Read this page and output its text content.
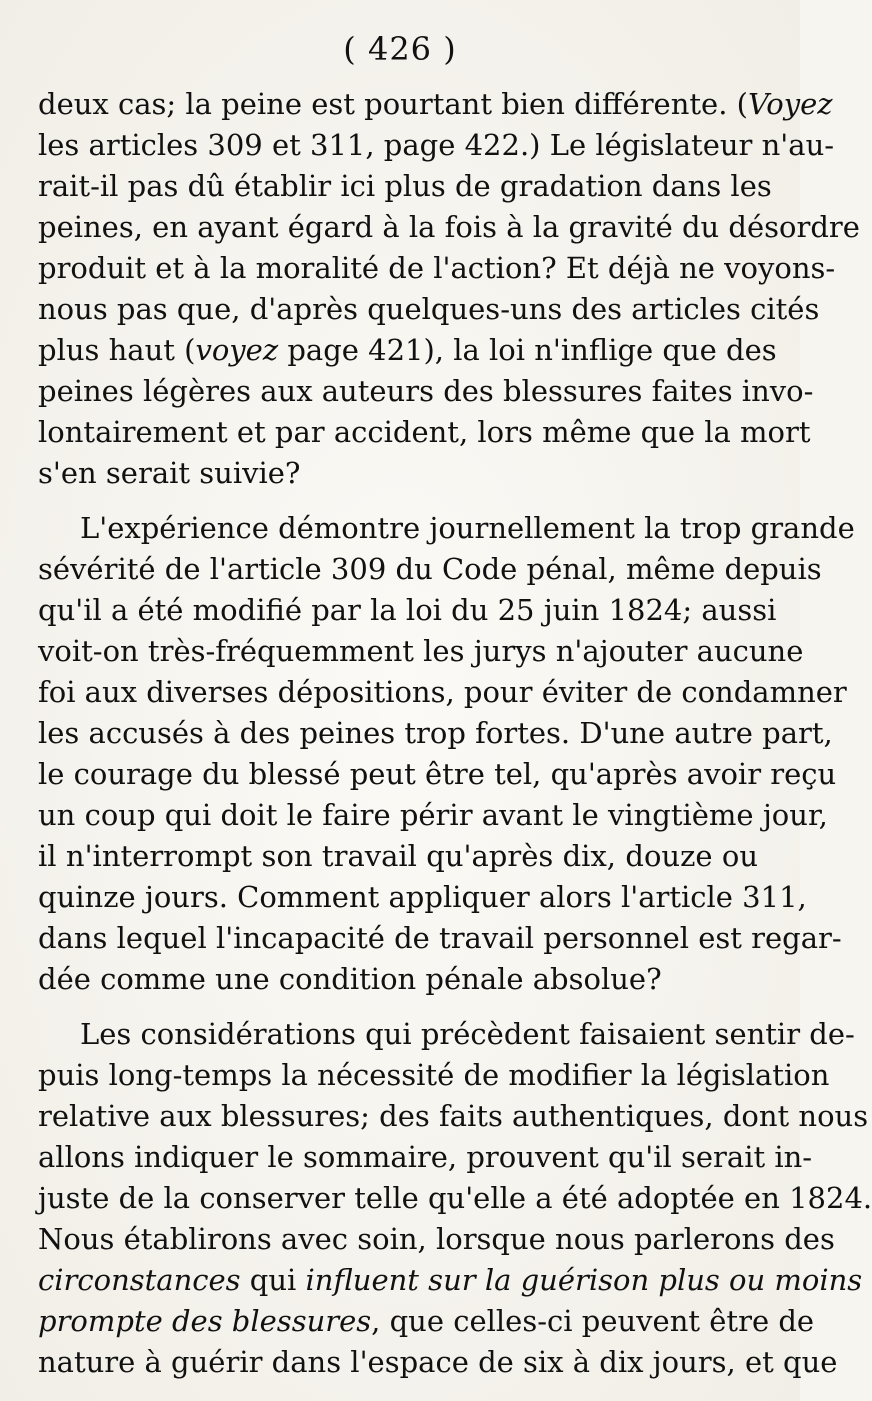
( 426 )
deux cas; la peine est pourtant bien différente. (Voyez
les articles 309 et 311, page 422.) Le législateur n'au-
rait-il pas dû établir ici plus de gradation dans les
peines, en ayant égard à la fois à la gravité du désordre
produit et à la moralité de l'action? Et déjà ne voyons-
nous pas que, d'après quelques-uns des articles cités
plus haut (voyez page 421), la loi n'inflige que des
peines légères aux auteurs des blessures faites invo-
lontairement et par accident, lors même que la mort
s'en serait suivie?
L'expérience démontre journellement la trop grande
sévérité de l'article 309 du Code pénal, même depuis
qu'il a été modifié par la loi du 25 juin 1824; aussi
voit-on très-fréquemment les jurys n'ajouter aucune
foi aux diverses dépositions, pour éviter de condamner
les accusés à des peines trop fortes. D'une autre part,
le courage du blessé peut être tel, qu'après avoir reçu
un coup qui doit le faire périr avant le vingtième jour,
il n'interrompt son travail qu'après dix, douze ou
quinze jours. Comment appliquer alors l'article 311,
dans lequel l'incapacité de travail personnel est regar-
dée comme une condition pénale absolue?
Les considérations qui précèdent faisaient sentir de-
puis long-temps la nécessité de modifier la législation
relative aux blessures; des faits authentiques, dont nous
allons indiquer le sommaire, prouvent qu'il serait in-
juste de la conserver telle qu'elle a été adoptée en 1824.
Nous établirons avec soin, lorsque nous parlerons des
circonstances qui influent sur la guérison plus ou moins
prompte des blessures, que celles-ci peuvent être de
nature à guérir dans l'espace de six à dix jours, et que
